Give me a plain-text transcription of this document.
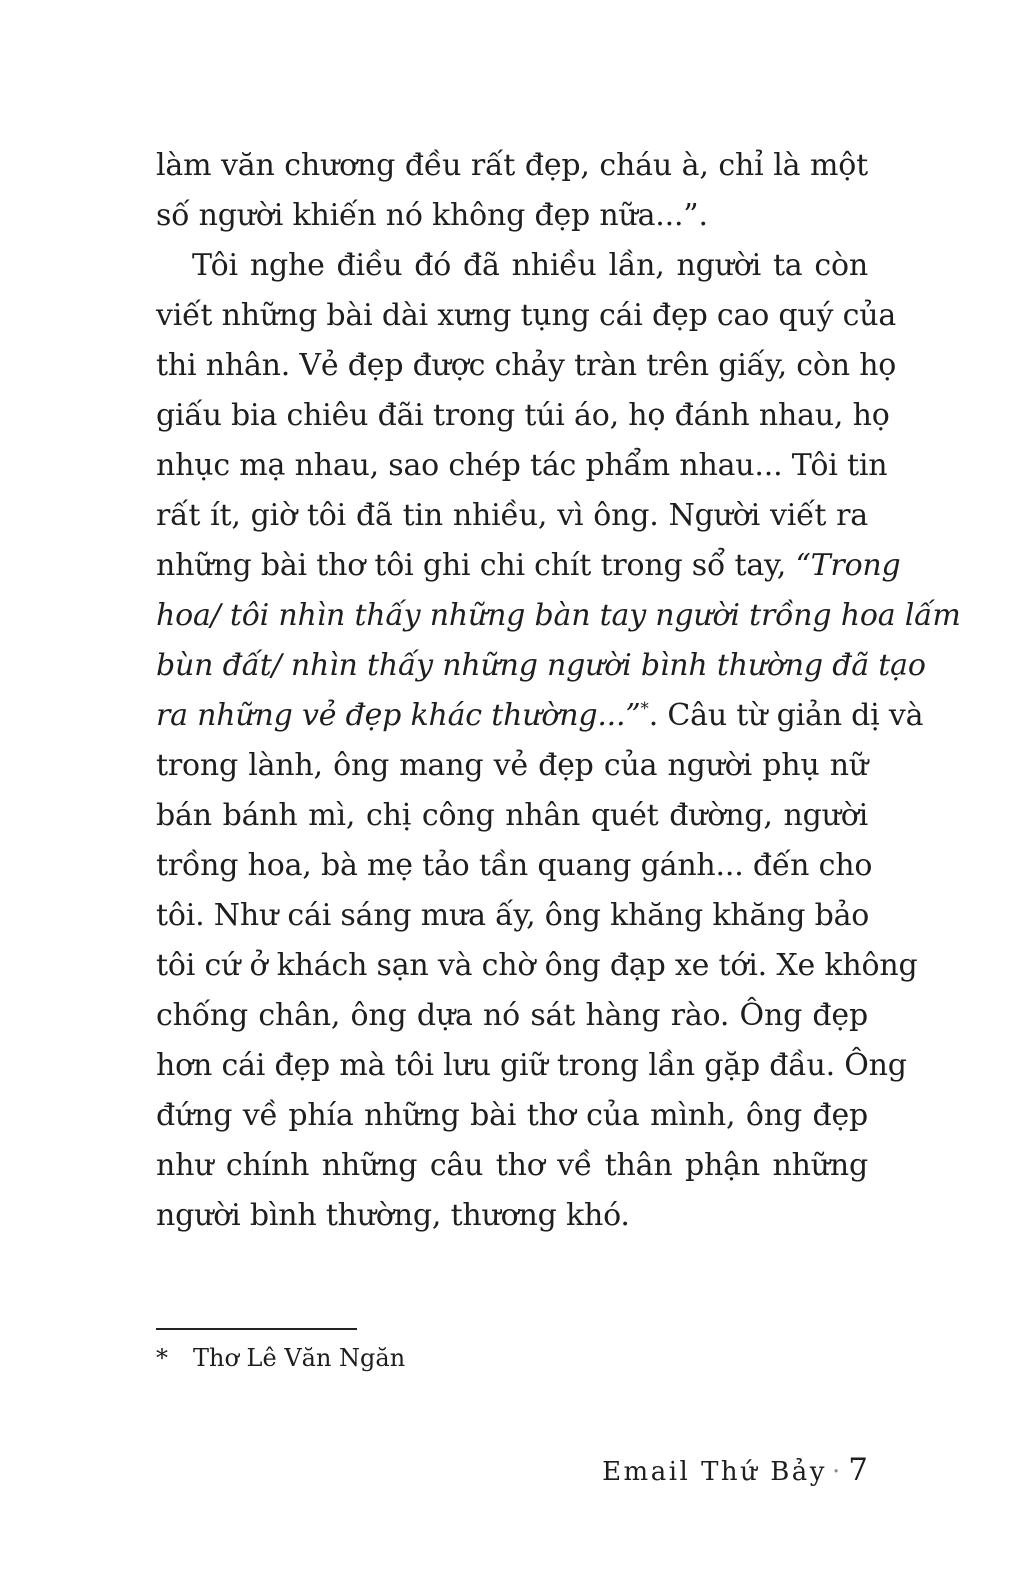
làm văn chương đều rất đẹp, cháu à, chỉ là một
số người khiến nó không đẹp nữa...”.
Tôi nghe điều đó đã nhiều lần, người ta còn
viết những bài dài xưng tụng cái đẹp cao quý của
thi nhân. Vẻ đẹp được chảy tràn trên giấy, còn họ
giấu bia chiêu đãi trong túi áo, họ đánh nhau, họ
nhục mạ nhau, sao chép tác phẩm nhau... Tôi tin
rất ít, giờ tôi đã tin nhiều, vì ông. Người viết ra
những bài thơ tôi ghi chi chít trong sổ tay, “Trong
hoa/ tôi nhìn thấy những bàn tay người trồng hoa lấm
bùn đất/ nhìn thấy những người bình thường đã tạo
ra những vẻ đẹp khác thường...”*. Câu từ giản dị và
trong lành, ông mang vẻ đẹp của người phụ nữ
bán bánh mì, chị công nhân quét đường, người
trồng hoa, bà mẹ tảo tần quang gánh... đến cho
tôi. Như cái sáng mưa ấy, ông khăng khăng bảo
tôi cứ ở khách sạn và chờ ông đạp xe tới. Xe không
chống chân, ông dựa nó sát hàng rào. Ông đẹp
hơn cái đẹp mà tôi lưu giữ trong lần gặp đầu. Ông
đứng về phía những bài thơ của mình, ông đẹp
như chính những câu thơ về thân phận những
người bình thường, thương khó.
* Thơ Lê Văn Ngăn
Email Thứ Bảy · 7
